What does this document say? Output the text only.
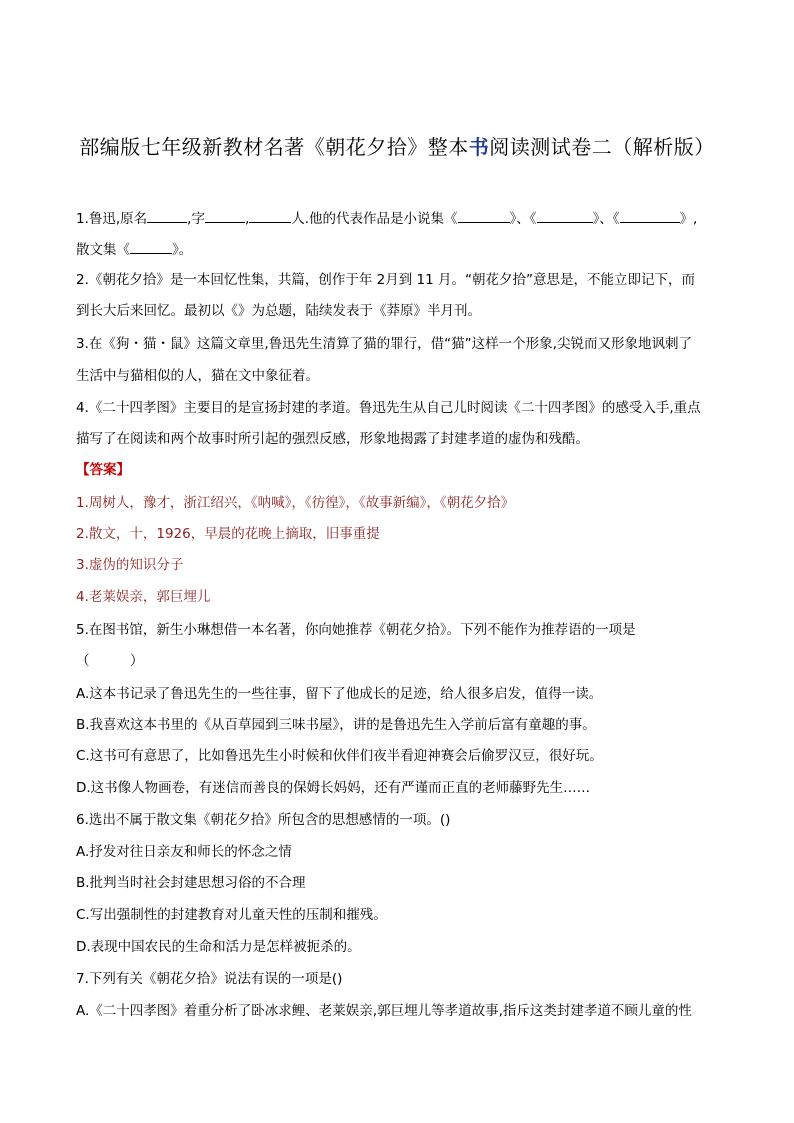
部编版七年级新教材名著《朝花夕拾》整本书阅读测试卷二（解析版）
1.鲁迅,原名	,字	,	人.他的代表作品是小说集《	》、《	》、《	》,
散文集《	》。
2.《朝花夕拾》是一本回忆性集，共篇，创作于年 2月到 11 月。“朝花夕拾”意思是，不能立即记下，而
到长大后来回忆。最初以《》为总题，陆续发表于《莽原》半月刊。
3.在《狗・猫・鼠》这篇文章里,鲁迅先生清算了猫的罪行，借“猫”这样一个形象,尖锐而又形象地讽刺了
生活中与猫相似的人，猫在文中象征着。
4.《二十四孝图》主要目的是宣扬封建的孝道。鲁迅先生从自己儿时阅读《二十四孝图》的感受入手,重点
描写了在阅读和两个故事时所引起的强烈反感，形象地揭露了封建孝道的虚伪和残酷。
【答案】
1.周树人，豫才，浙江绍兴，《呐喊》，《彷徨》，《故事新编》，《朝花夕拾》
2.散文，十，1926，早晨的花晚上摘取，旧事重提
3.虚伪的知识分子
4.老莱娱亲，郭巨埋儿
5.在图书馆，新生小琳想借一本名著，你向她推荐《朝花夕拾》。下列不能作为推荐语的一项是
（　　　）
A.这本书记录了鲁迅先生的一些往事，留下了他成长的足迹，给人很多启发，值得一读。
B.我喜欢这本书里的《从百草园到三味书屋》，讲的是鲁迅先生入学前后富有童趣的事。
C.这书可有意思了，比如鲁迅先生小时候和伙伴们夜半看迎神赛会后偷罗汉豆，很好玩。
D.这书像人物画卷，有迷信而善良的保姆长妈妈，还有严谨而正直的老师藤野先生……
6.选出不属于散文集《朝花夕拾》所包含的思想感情的一项。()
A.抒发对往日亲友和师长的怀念之情
B.批判当时社会封建思想习俗的不合理
C.写出强制性的封建教育对儿童天性的压制和摧残。
D.表现中国农民的生命和活力是怎样被扼杀的。
7.下列有关《朝花夕拾》说法有误的一项是()
A.《二十四孝图》着重分析了卧冰求鲤、老莱娱亲,郭巨埋儿等孝道故事,指斥这类封建孝道不顾儿童的性
